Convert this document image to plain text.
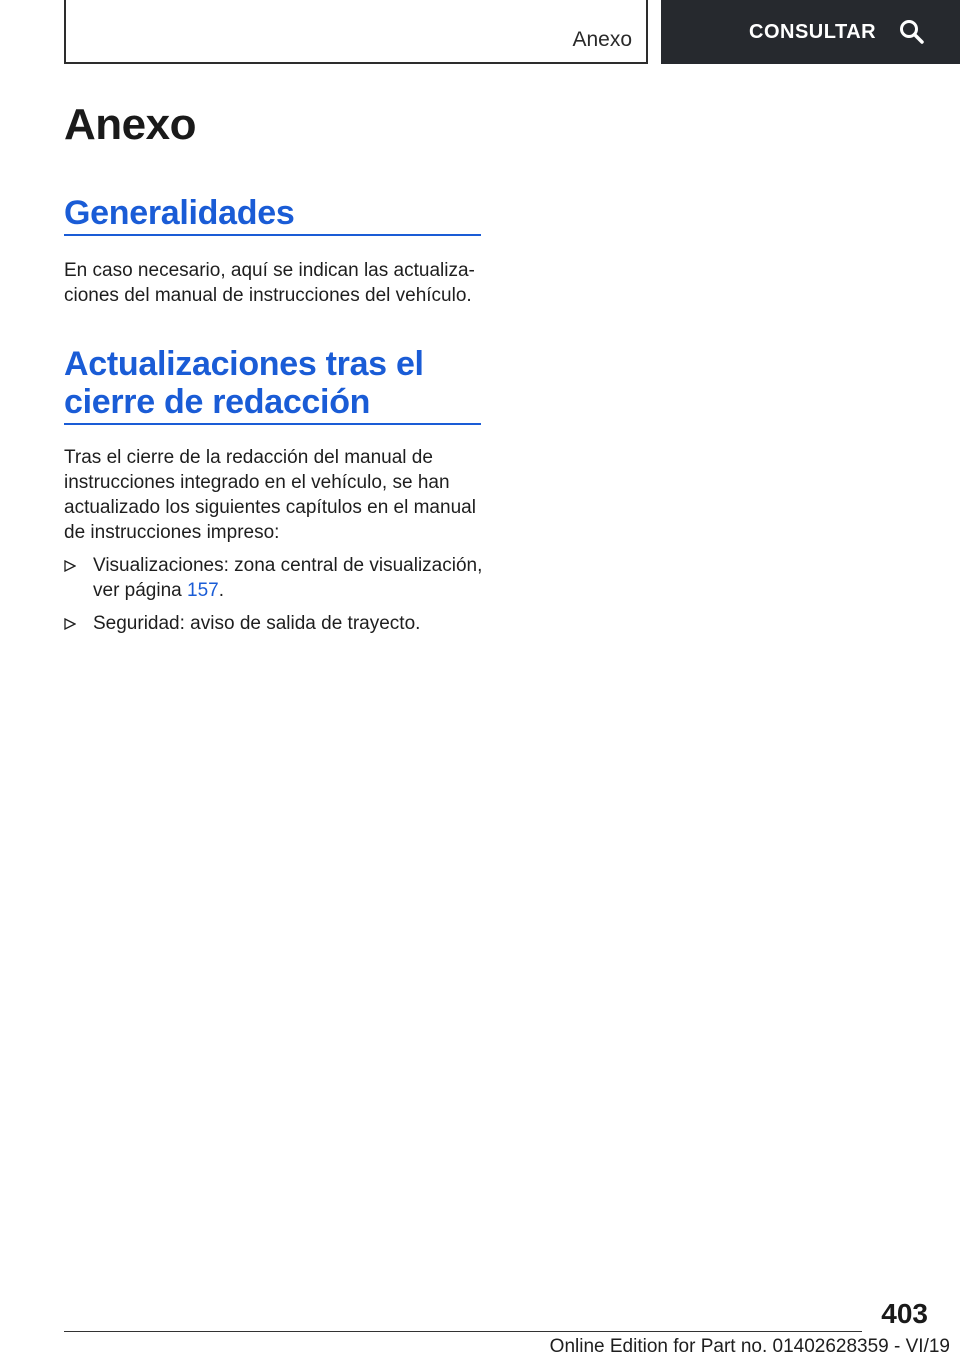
Anexo	CONSULTAR
Anexo
Generalidades

En caso necesario, aquí se indican las actualiza-ciones del manual de instrucciones del vehículo.

Actualizaciones tras el
cierre de redacción

Tras el cierre de la redacción del manual de instrucciones integrado en el vehículo, se han actualizado los siguientes capítulos en el manual de instrucciones impreso:

Visualizaciones: zona central de visualización, ver página 157.
Seguridad: aviso de salida de trayecto.
403
Online Edition for Part no. 01402628359 - VI/19
